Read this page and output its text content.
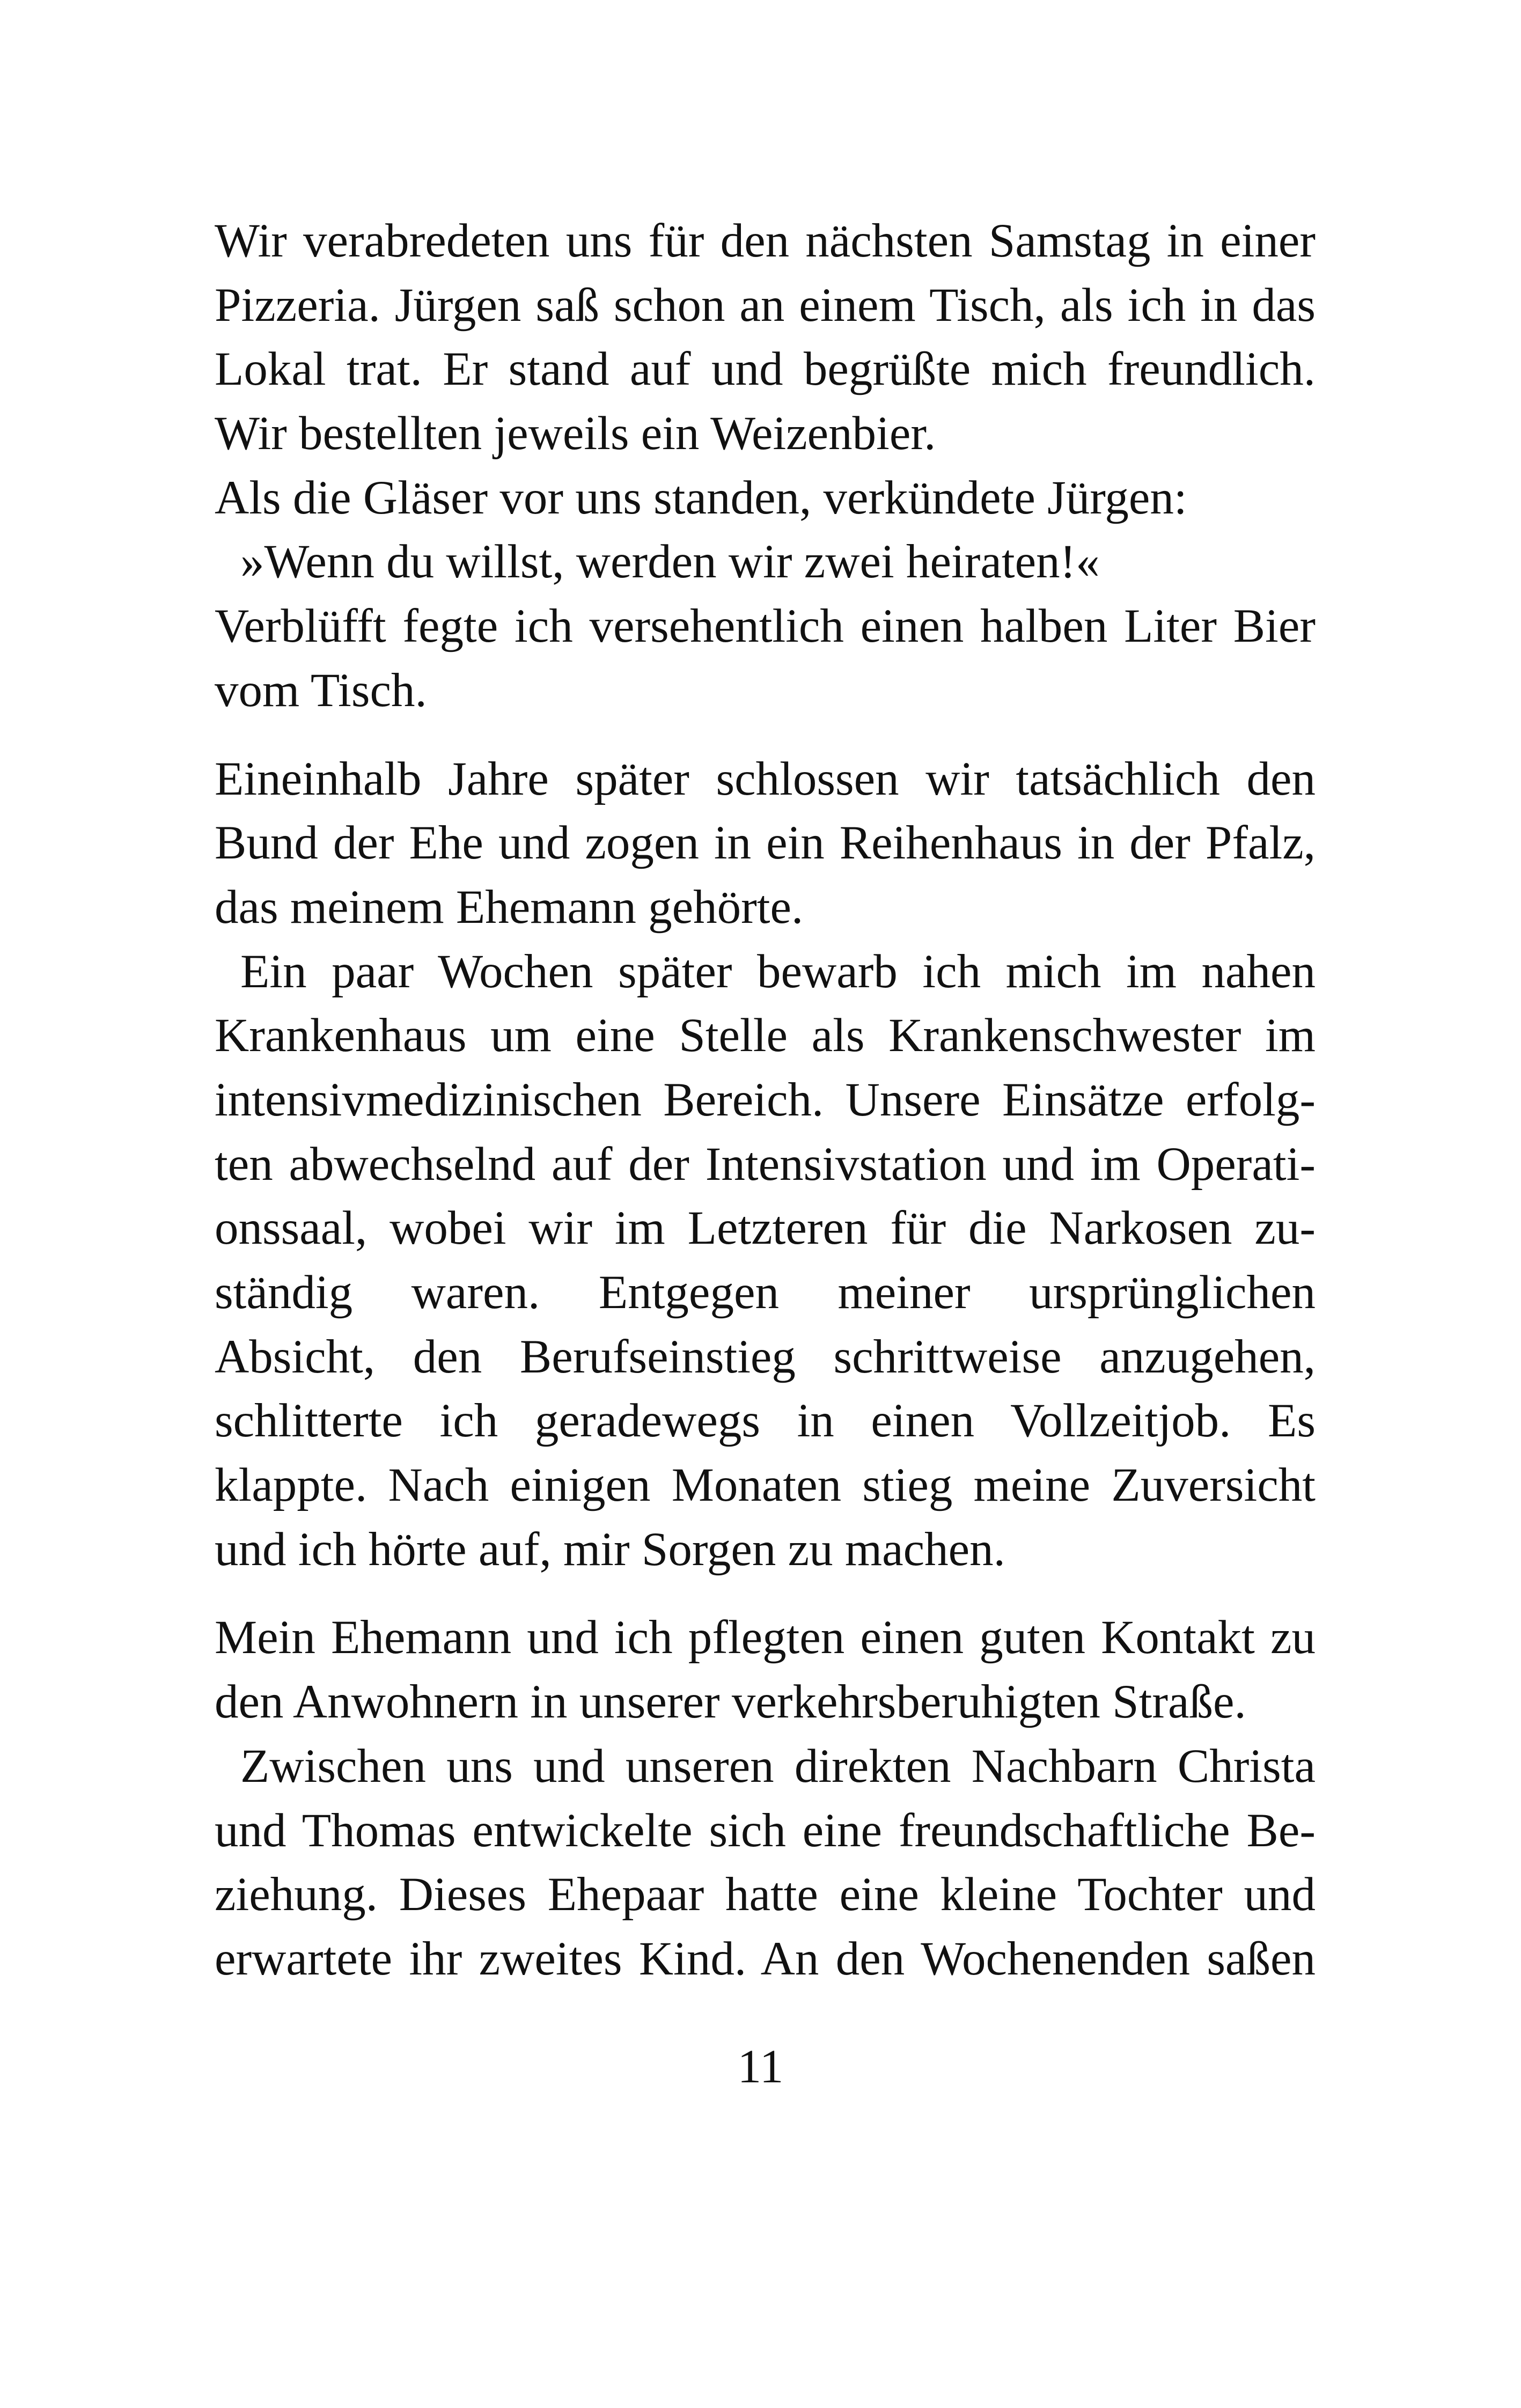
Wir verabredeten uns für den nächsten Samstag in einer
Pizzeria. Jürgen saß schon an einem Tisch, als ich in das
Lokal trat. Er stand auf und begrüßte mich freundlich.
Wir bestellten jeweils ein Weizenbier.
Als die Gläser vor uns standen, verkündete Jürgen:
»Wenn du willst, werden wir zwei heiraten!«
Verblüfft fegte ich versehentlich einen halben Liter Bier
vom Tisch.
Eineinhalb Jahre später schlossen wir tatsächlich den
Bund der Ehe und zogen in ein Reihenhaus in der Pfalz,
das meinem Ehemann gehörte.
Ein paar Wochen später bewarb ich mich im nahen
Krankenhaus um eine Stelle als Krankenschwester im
intensivmedizinischen Bereich. Unsere Einsätze erfolg-
ten abwechselnd auf der Intensivstation und im Operati-
onssaal, wobei wir im Letzteren für die Narkosen zu-
ständig waren. Entgegen meiner ursprünglichen
Absicht, den Berufseinstieg schrittweise anzugehen,
schlitterte ich geradewegs in einen Vollzeitjob. Es
klappte. Nach einigen Monaten stieg meine Zuversicht
und ich hörte auf, mir Sorgen zu machen.
Mein Ehemann und ich pflegten einen guten Kontakt zu
den Anwohnern in unserer verkehrsberuhigten Straße.
Zwischen uns und unseren direkten Nachbarn Christa
und Thomas entwickelte sich eine freundschaftliche Be-
ziehung. Dieses Ehepaar hatte eine kleine Tochter und
erwartete ihr zweites Kind. An den Wochenenden saßen
11
